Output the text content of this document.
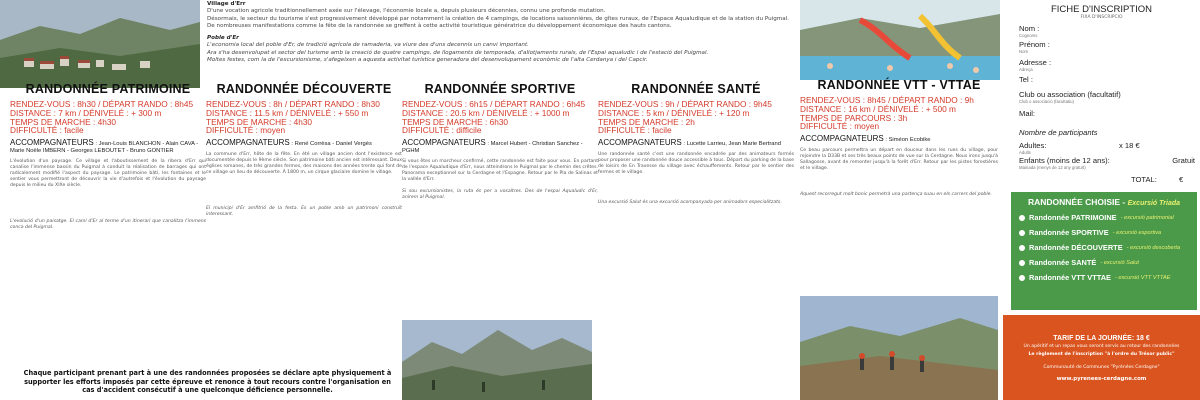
Village d'Err
D'une vocation agricole traditionnellement axée sur l'élevage, l'économie locale a, depuis plusieurs décennies, connu une profonde mutation.
Désormais, le secteur du tourisme s'est progressivement développé par notamment la création de 4 campings, de locations saisonnières, de gîtes ruraux, de l'Espace Aqualudique et de la station du Puigmal.
De nombreuses manifestations comme la fête de la randonnée se greffent à cette activité touristique génératrice du développement économique des hauts cantons.
Poble d'Er
L'economia local del poble d'Er, de tradició agrícola de ramaderia, va viure des d'uns decennis un canvi important.
Ara s'ha desenvolupat el sector del turisme amb la creació de quatre campings, de llogaments de temporada, d'allotjaments rurals, de l'Espai aqualudic i de l'estació del Puigmal.
Moltes festes, com la de l'excursionisme, s'afegeixen a aquesta activitat turística generadora del desenvolupament econòmic de l'alta Cerdanya i del Capcir.
RANDONNÉE PATRIMOINE
RENDEZ-VOUS : 8h30 / DÉPART RANDO : 8h45
DISTANCE : 7 km / DÉNIVELÉ : + 300 m
TEMPS DE MARCHE : 4h30
DIFFICULTÉ : facile
ACCOMPAGNATEURS : Jean-Louis BLANCHON - Alain CAVA - Marie Noële IMBERN - Georges LEBOUTET - Bruno GONTIER
L'évolution d'un paysage. Ce village et l'aboutissement de la ribera d'Err qui canalise l'immense bassin du Puigmal à conduit la réalisation de barrages qui ont radicalement modifié l'aspect du paysage. Le patrimoine bâti, les fontaines et le sentier vous permettront de découvrir la vie d'autrefois et l'évolution du paysage depuis le milieu du XIXe siècle.
L'evolució d'un paisatge. El camí d'Er al terme d'un itinerari que canalitza l'immens conca del Puigmal.
RANDONNÉE DÉCOUVERTE
RENDEZ-VOUS : 8h / DÉPART RANDO : 8h30
DISTANCE : 11.5 km / DÉNIVELÉ : + 550 m
TEMPS DE MARCHE : 4h30
DIFFICULTÉ : moyen
ACCOMPAGNATEURS : René Corrèsa - Daniel Vergès
La commune d'Err, hôte de la fête. En été un village ancien dont l'existence est documentée depuis le 9ème siècle. Son patrimoine bâti ancien est intéressant. Deux églises romanes, de très grandes fermes, des maisons des années trente qui font de ce village un lieu de découverte. À 1800 m, un cirque glaciaire domine le village.
El municipi d'Er amfitrió de la festa. Es un poble amb un patrimoni construït interessant.
RANDONNÉE SPORTIVE
RENDEZ-VOUS : 6h15 / DÉPART RANDO : 6h45
DISTANCE : 20.5 km / DÉNIVELÉ : + 1000 m
TEMPS DE MARCHE : 6h30
DIFFICULTÉ : difficile
ACCOMPAGNATEURS : Marcel Hubert - Christian Sanchez - PGHM
Si vous êtes un marcheur confirmé, cette randonnée est faite pour vous. En partant de l'espace Aqualudique d'Err, nous atteindrons le Puigmal par le chemin des crêtes. Panorama exceptionnel sur la Cerdagne et l'Espagne. Retour par le Pla de Salinas et la vallée d'Err.
Si sou excursionistes, la ruta és per a vosaltres. Des de l'espai Aqualudic d'Er, anirem al Puigmal.
RANDONNÉE SANTÉ
RENDEZ-VOUS : 9h / DÉPART RANDO : 9h45
DISTANCE : 5 km / DÉNIVELÉ : + 120 m
TEMPS DE MARCHE : 2h
DIFFICULTÉ : facile
ACCOMPAGNATEURS : Lucette Larrieu, Jean Marie Bertrand
Une randonnée santé c'est une randonnée encadrée par des animateurs formés pour proposer une randonnée douce accessible à tous. Départ du parking de la base de loisirs de En Travesse du village avec échauffements. Retour par le sentier des fermes et le village.
Una excursió Salut és una excursió acompanyada per animadors especialitzats.
RANDONNÉE VTT - VTTAE
RENDEZ-VOUS : 8h45 / DÉPART RANDO : 9h
DISTANCE : 16 km / DÉNIVELÉ : + 500 m
TEMPS DE PARCOURS : 3h
DIFFICULTÉ : moyen
ACCOMPAGNATEURS : Siméon Ecobike
Ce beau parcours permettra un départ en douceur dans les rues du village, pour rejoindre la D33B et ses très beaux points de vue sur la Cerdagne. Nous irons jusqu'à Sallagosse, avant de remonter jusqu'à la forêt d'Err. Retour par les pistes forestières et le village.
Aquest recorregut molt bonic permetrà una partença suau en els carrers del poble.
Chaque participant prenant part à une des randonnées proposées se déclare apte physiquement à supporter les efforts imposés par cette épreuve et renonce à tout recours contre l'organisation en cas d'accident consécutif à une quelconque déficience personnelle.
FICHE D'INSCRIPTION
FIXA D'INSCRIPCIO
Nom :
Cognoms
Prénom :
Nom
Adresse :
Adreça
Tel :
Club ou association (facultatif)
Club o associació (facultatiu)
Mail:
Nombre de participants
Adultes:	x 18 €
Adults
Enfants (moins de 12 ans):	Gratuit
Mainada (menys de 12 any gratuït)
TOTAL:	€
RANDONNÉE CHOISIE - Excursió Triada
Randonnée PATRIMOINE - excursió patrimonial
Randonnée SPORTIVE - excursió esportiva
Randonnée DÉCOUVERTE - excursió descoberta
Randonnée SANTÉ - excursió Salut
Randonnée VTT VTTAE - excursió VTT VTTAE
TARIF DE LA JOURNÉE: 18 €
Un apéritif et un repas vous seront servis au retour des randonnées
Le règlement de l'inscription "à l'ordre du Trésor public"
Communauté de Communes "Pyrénées Cerdagne"
www.pyrenees-cerdagne.com
